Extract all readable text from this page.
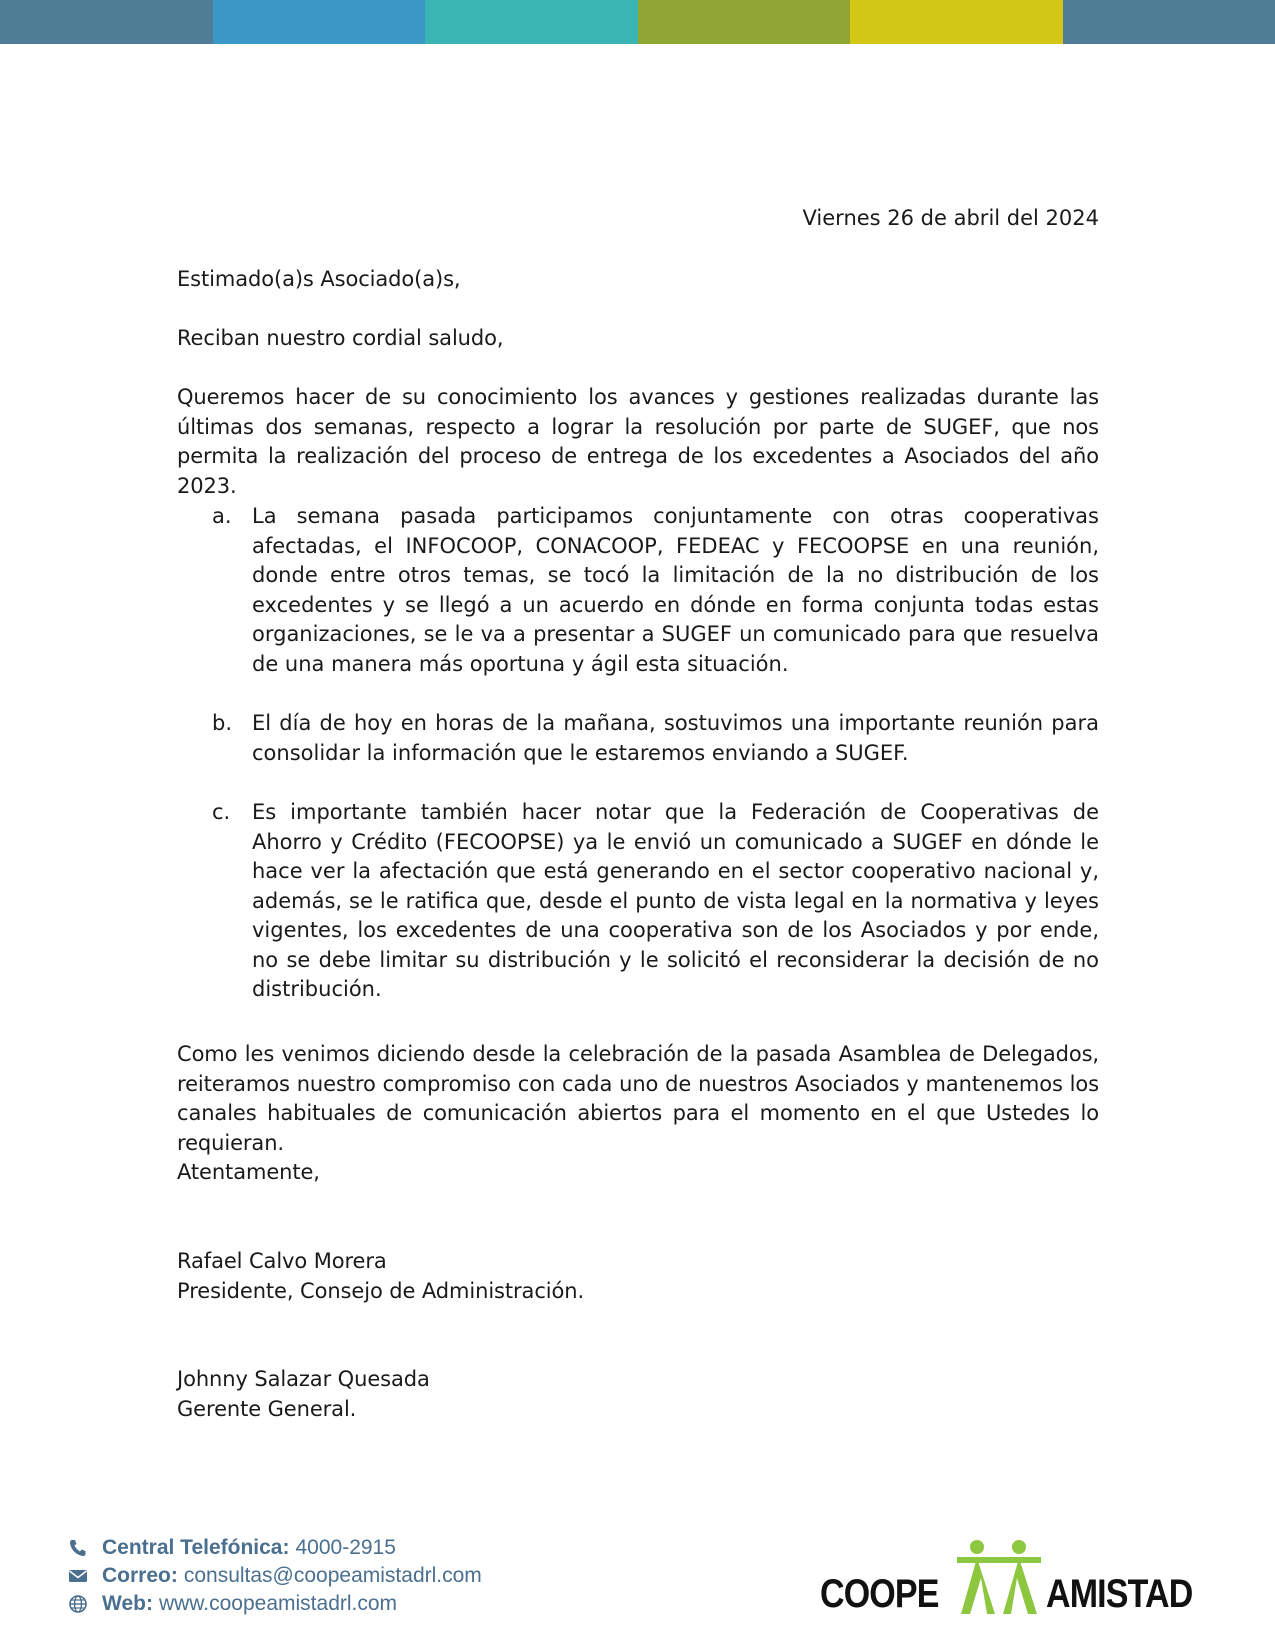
Viernes 26 de abril del 2024
Estimado(a)s Asociado(a)s,
Reciban nuestro cordial saludo,
Queremos hacer de su conocimiento los avances y gestiones realizadas durante las últimas dos semanas, respecto a lograr la resolución por parte de SUGEF, que nos permita la realización del proceso de entrega de los excedentes a Asociados del año 2023.
a. La semana pasada participamos conjuntamente con otras cooperativas afectadas, el INFOCOOP, CONACOOP, FEDEAC y FECOOPSE en una reunión, donde entre otros temas, se tocó la limitación de la no distribución de los excedentes y se llegó a un acuerdo en dónde en forma conjunta todas estas organizaciones, se le va a presentar a SUGEF un comunicado para que resuelva de una manera más oportuna y ágil esta situación.
b. El día de hoy en horas de la mañana, sostuvimos una importante reunión para consolidar la información que le estaremos enviando a SUGEF.
c.	Es importante también hacer notar que la Federación de Cooperativas de Ahorro y Crédito (FECOOPSE) ya le envió un comunicado a SUGEF en dónde le hace ver la afectación que está generando en el sector cooperativo nacional y, además, se le ratifica que, desde el punto de vista legal en la normativa y leyes vigentes, los excedentes de una cooperativa son de los Asociados y por ende, no se debe limitar su distribución y le solicitó el reconsiderar la decisión de no distribución.
Como les venimos diciendo desde la celebración de la pasada Asamblea de Delegados, reiteramos nuestro compromiso con cada uno de nuestros Asociados y mantenemos los canales habituales de comunicación abiertos para el momento en el que Ustedes lo requieran.
Atentamente,
Rafael Calvo Morera
Presidente, Consejo de Administración.
Johnny Salazar Quesada
Gerente General.
Central Telefónica: 4000-2915
Correo: consultas@coopeamistadrl.com
Web: www.coopeamistadrl.com	COOPE	AMISTAD
